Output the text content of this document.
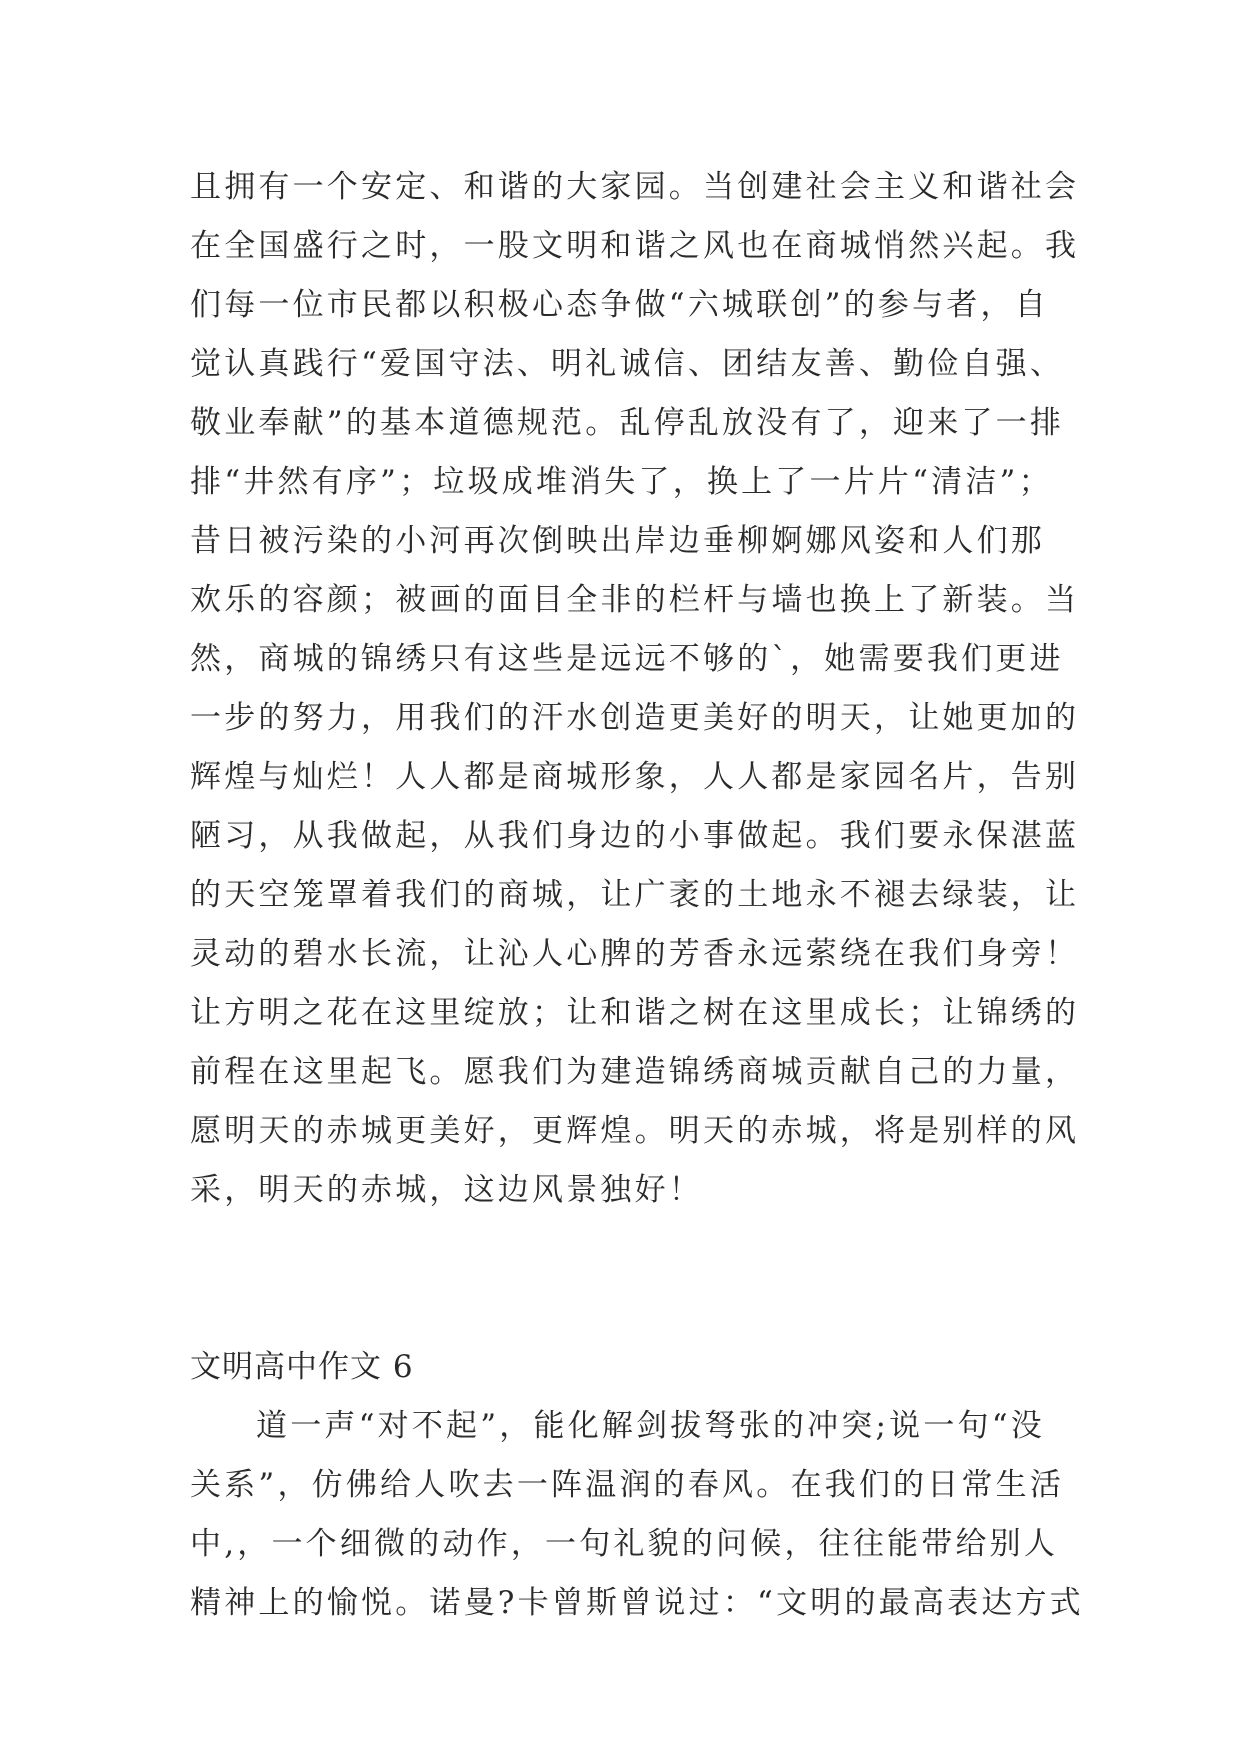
且拥有一个安定、和谐的大家园。当创建社会主义和谐社会
在全国盛行之时，一股文明和谐之风也在商城悄然兴起。我
们每一位市民都以积极心态争做“六城联创”的参与者，自
觉认真践行“爱国守法、明礼诚信、团结友善、勤俭自强、
敬业奉献”的基本道德规范。乱停乱放没有了，迎来了一排
排“井然有序”；垃圾成堆消失了，换上了一片片“清洁”；
昔日被污染的小河再次倒映出岸边垂柳婀娜风姿和人们那
欢乐的容颜；被画的面目全非的栏杆与墙也换上了新装。当
然，商城的锦绣只有这些是远远不够的`，她需要我们更进
一步的努力，用我们的汗水创造更美好的明天，让她更加的
辉煌与灿烂！人人都是商城形象，人人都是家园名片，告别
陋习，从我做起，从我们身边的小事做起。我们要永保湛蓝
的天空笼罩着我们的商城，让广袤的土地永不褪去绿装，让
灵动的碧水长流，让沁人心脾的芳香永远萦绕在我们身旁！
让方明之花在这里绽放；让和谐之树在这里成长；让锦绣的
前程在这里起飞。愿我们为建造锦绣商城贡献自己的力量，
愿明天的赤城更美好，更辉煌。明天的赤城，将是别样的风
采，明天的赤城，这边风景独好！
文明高中作文 6
道一声“对不起”，能化解剑拔弩张的冲突;说一句“没
关系”，仿佛给人吹去一阵温润的春风。在我们的日常生活
中,，一个细微的动作，一句礼貌的问候，往往能带给别人
精神上的愉悦。诺曼?卡曾斯曾说过：“文明的最高表达方式
